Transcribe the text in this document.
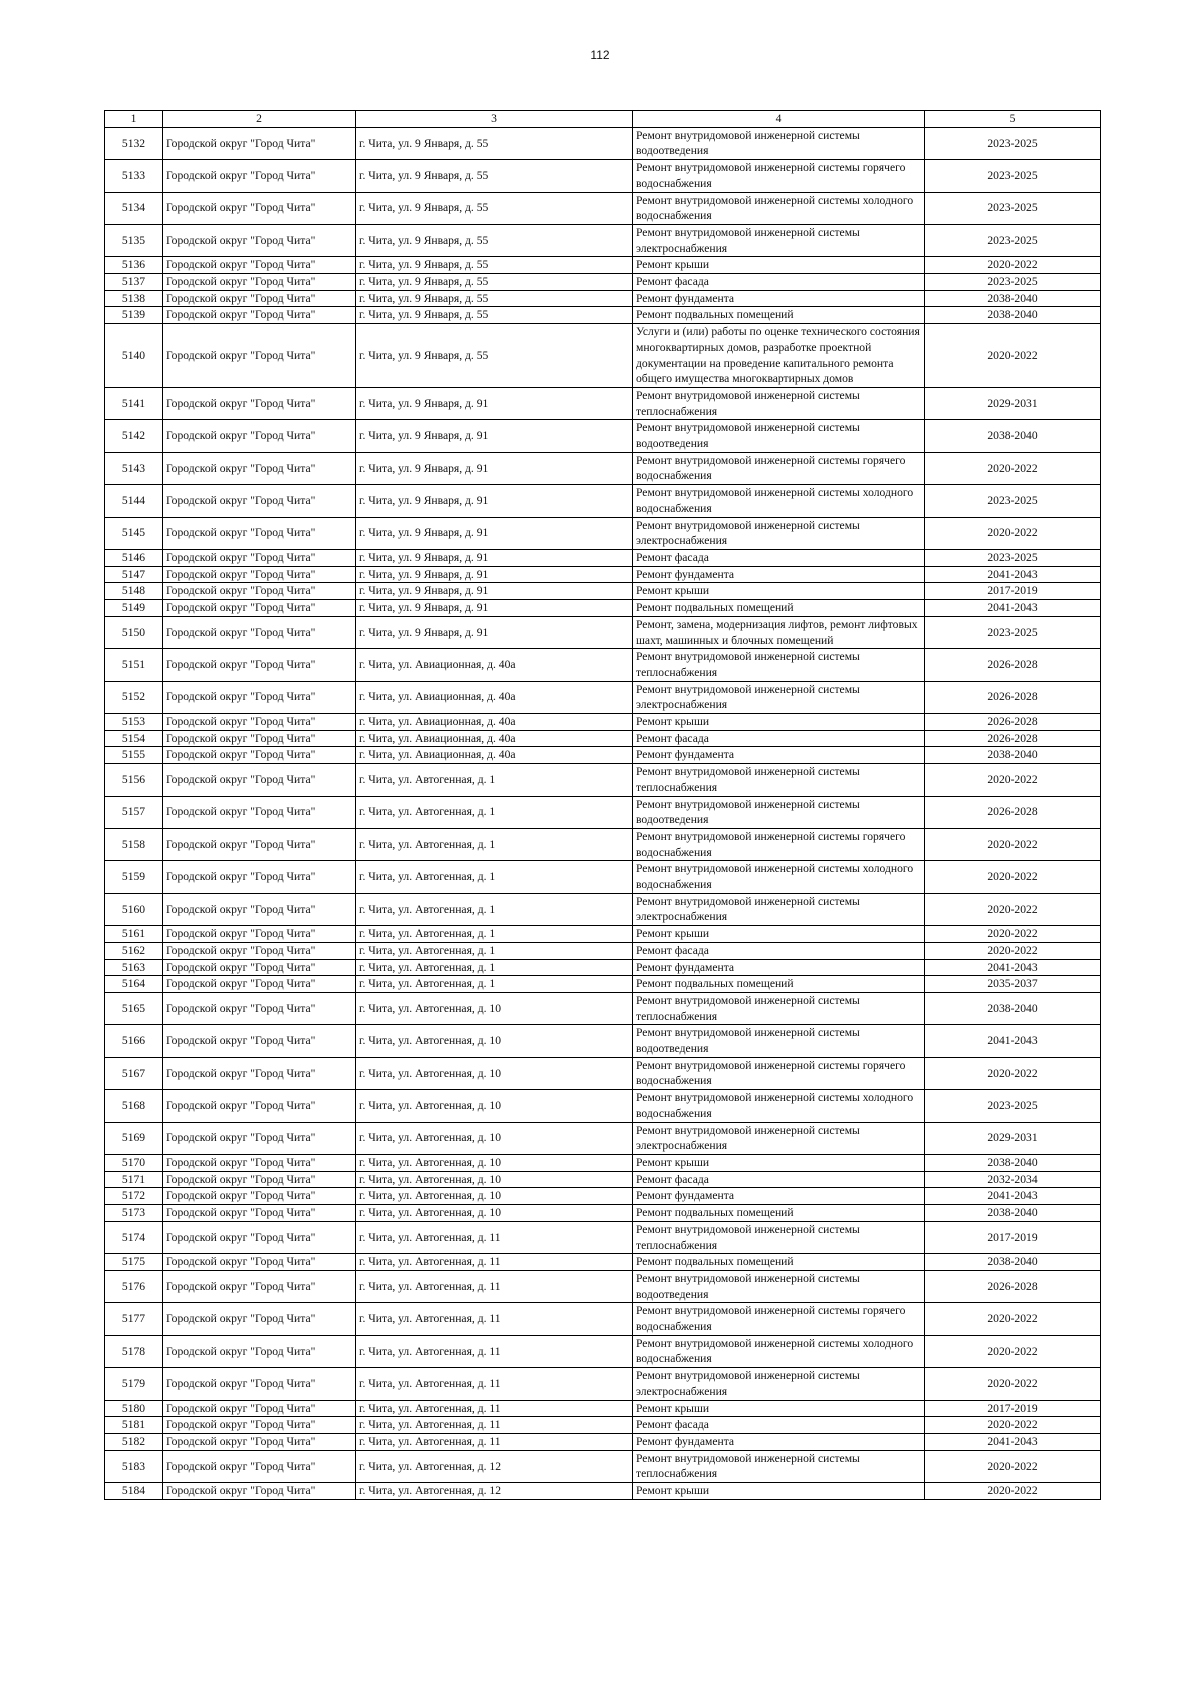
112
1	2	3	4	5
5132	Городской округ "Город Чита"	г. Чита, ул. 9 Января, д. 55	Ремонт внутридомовой инженерной системы водоотведения	2023-2025
5133	Городской округ "Город Чита"	г. Чита, ул. 9 Января, д. 55	Ремонт внутридомовой инженерной системы горячего водоснабжения	2023-2025
5134	Городской округ "Город Чита"	г. Чита, ул. 9 Января, д. 55	Ремонт внутридомовой инженерной системы холодного водоснабжения	2023-2025
5135	Городской округ "Город Чита"	г. Чита, ул. 9 Января, д. 55	Ремонт внутридомовой инженерной системы электроснабжения	2023-2025
5136	Городской округ "Город Чита"	г. Чита, ул. 9 Января, д. 55	Ремонт крыши	2020-2022
5137	Городской округ "Город Чита"	г. Чита, ул. 9 Января, д. 55	Ремонт фасада	2023-2025
5138	Городской округ "Город Чита"	г. Чита, ул. 9 Января, д. 55	Ремонт фундамента	2038-2040
5139	Городской округ "Город Чита"	г. Чита, ул. 9 Января, д. 55	Ремонт подвальных помещений	2038-2040
5140	Городской округ "Город Чита"	г. Чита, ул. 9 Января, д. 55	Услуги и (или) работы по оценке технического состояния многоквартирных домов, разработке проектной документации на проведение капитального ремонта общего имущества многоквартирных домов	2020-2022
5141	Городской округ "Город Чита"	г. Чита, ул. 9 Января, д. 91	Ремонт внутридомовой инженерной системы теплоснабжения	2029-2031
5142	Городской округ "Город Чита"	г. Чита, ул. 9 Января, д. 91	Ремонт внутридомовой инженерной системы водоотведения	2038-2040
5143	Городской округ "Город Чита"	г. Чита, ул. 9 Января, д. 91	Ремонт внутридомовой инженерной системы горячего водоснабжения	2020-2022
5144	Городской округ "Город Чита"	г. Чита, ул. 9 Января, д. 91	Ремонт внутридомовой инженерной системы холодного водоснабжения	2023-2025
5145	Городской округ "Город Чита"	г. Чита, ул. 9 Января, д. 91	Ремонт внутридомовой инженерной системы электроснабжения	2020-2022
5146	Городской округ "Город Чита"	г. Чита, ул. 9 Января, д. 91	Ремонт фасада	2023-2025
5147	Городской округ "Город Чита"	г. Чита, ул. 9 Января, д. 91	Ремонт фундамента	2041-2043
5148	Городской округ "Город Чита"	г. Чита, ул. 9 Января, д. 91	Ремонт крыши	2017-2019
5149	Городской округ "Город Чита"	г. Чита, ул. 9 Января, д. 91	Ремонт подвальных помещений	2041-2043
5150	Городской округ "Город Чита"	г. Чита, ул. 9 Января, д. 91	Ремонт, замена, модернизация лифтов, ремонт лифтовых шахт, машинных и блочных помещений	2023-2025
5151	Городской округ "Город Чита"	г. Чита, ул. Авиационная, д. 40а	Ремонт внутридомовой инженерной системы теплоснабжения	2026-2028
5152	Городской округ "Город Чита"	г. Чита, ул. Авиационная, д. 40а	Ремонт внутридомовой инженерной системы электроснабжения	2026-2028
5153	Городской округ "Город Чита"	г. Чита, ул. Авиационная, д. 40а	Ремонт крыши	2026-2028
5154	Городской округ "Город Чита"	г. Чита, ул. Авиационная, д. 40а	Ремонт фасада	2026-2028
5155	Городской округ "Город Чита"	г. Чита, ул. Авиационная, д. 40а	Ремонт фундамента	2038-2040
5156	Городской округ "Город Чита"	г. Чита, ул. Автогенная, д. 1	Ремонт внутридомовой инженерной системы теплоснабжения	2020-2022
5157	Городской округ "Город Чита"	г. Чита, ул. Автогенная, д. 1	Ремонт внутридомовой инженерной системы водоотведения	2026-2028
5158	Городской округ "Город Чита"	г. Чита, ул. Автогенная, д. 1	Ремонт внутридомовой инженерной системы горячего водоснабжения	2020-2022
5159	Городской округ "Город Чита"	г. Чита, ул. Автогенная, д. 1	Ремонт внутридомовой инженерной системы холодного водоснабжения	2020-2022
5160	Городской округ "Город Чита"	г. Чита, ул. Автогенная, д. 1	Ремонт внутридомовой инженерной системы электроснабжения	2020-2022
5161	Городской округ "Город Чита"	г. Чита, ул. Автогенная, д. 1	Ремонт крыши	2020-2022
5162	Городской округ "Город Чита"	г. Чита, ул. Автогенная, д. 1	Ремонт фасада	2020-2022
5163	Городской округ "Город Чита"	г. Чита, ул. Автогенная, д. 1	Ремонт фундамента	2041-2043
5164	Городской округ "Город Чита"	г. Чита, ул. Автогенная, д. 1	Ремонт подвальных помещений	2035-2037
5165	Городской округ "Город Чита"	г. Чита, ул. Автогенная, д. 10	Ремонт внутридомовой инженерной системы теплоснабжения	2038-2040
5166	Городской округ "Город Чита"	г. Чита, ул. Автогенная, д. 10	Ремонт внутридомовой инженерной системы водоотведения	2041-2043
5167	Городской округ "Город Чита"	г. Чита, ул. Автогенная, д. 10	Ремонт внутридомовой инженерной системы горячего водоснабжения	2020-2022
5168	Городской округ "Город Чита"	г. Чита, ул. Автогенная, д. 10	Ремонт внутридомовой инженерной системы холодного водоснабжения	2023-2025
5169	Городской округ "Город Чита"	г. Чита, ул. Автогенная, д. 10	Ремонт внутридомовой инженерной системы электроснабжения	2029-2031
5170	Городской округ "Город Чита"	г. Чита, ул. Автогенная, д. 10	Ремонт крыши	2038-2040
5171	Городской округ "Город Чита"	г. Чита, ул. Автогенная, д. 10	Ремонт фасада	2032-2034
5172	Городской округ "Город Чита"	г. Чита, ул. Автогенная, д. 10	Ремонт фундамента	2041-2043
5173	Городской округ "Город Чита"	г. Чита, ул. Автогенная, д. 10	Ремонт подвальных помещений	2038-2040
5174	Городской округ "Город Чита"	г. Чита, ул. Автогенная, д. 11	Ремонт внутридомовой инженерной системы теплоснабжения	2017-2019
5175	Городской округ "Город Чита"	г. Чита, ул. Автогенная, д. 11	Ремонт подвальных помещений	2038-2040
5176	Городской округ "Город Чита"	г. Чита, ул. Автогенная, д. 11	Ремонт внутридомовой инженерной системы водоотведения	2026-2028
5177	Городской округ "Город Чита"	г. Чита, ул. Автогенная, д. 11	Ремонт внутридомовой инженерной системы горячего водоснабжения	2020-2022
5178	Городской округ "Город Чита"	г. Чита, ул. Автогенная, д. 11	Ремонт внутридомовой инженерной системы холодного водоснабжения	2020-2022
5179	Городской округ "Город Чита"	г. Чита, ул. Автогенная, д. 11	Ремонт внутридомовой инженерной системы электроснабжения	2020-2022
5180	Городской округ "Город Чита"	г. Чита, ул. Автогенная, д. 11	Ремонт крыши	2017-2019
5181	Городской округ "Город Чита"	г. Чита, ул. Автогенная, д. 11	Ремонт фасада	2020-2022
5182	Городской округ "Город Чита"	г. Чита, ул. Автогенная, д. 11	Ремонт фундамента	2041-2043
5183	Городской округ "Город Чита"	г. Чита, ул. Автогенная, д. 12	Ремонт внутридомовой инженерной системы теплоснабжения	2020-2022
5184	Городской округ "Город Чита"	г. Чита, ул. Автогенная, д. 12	Ремонт крыши	2020-2022
